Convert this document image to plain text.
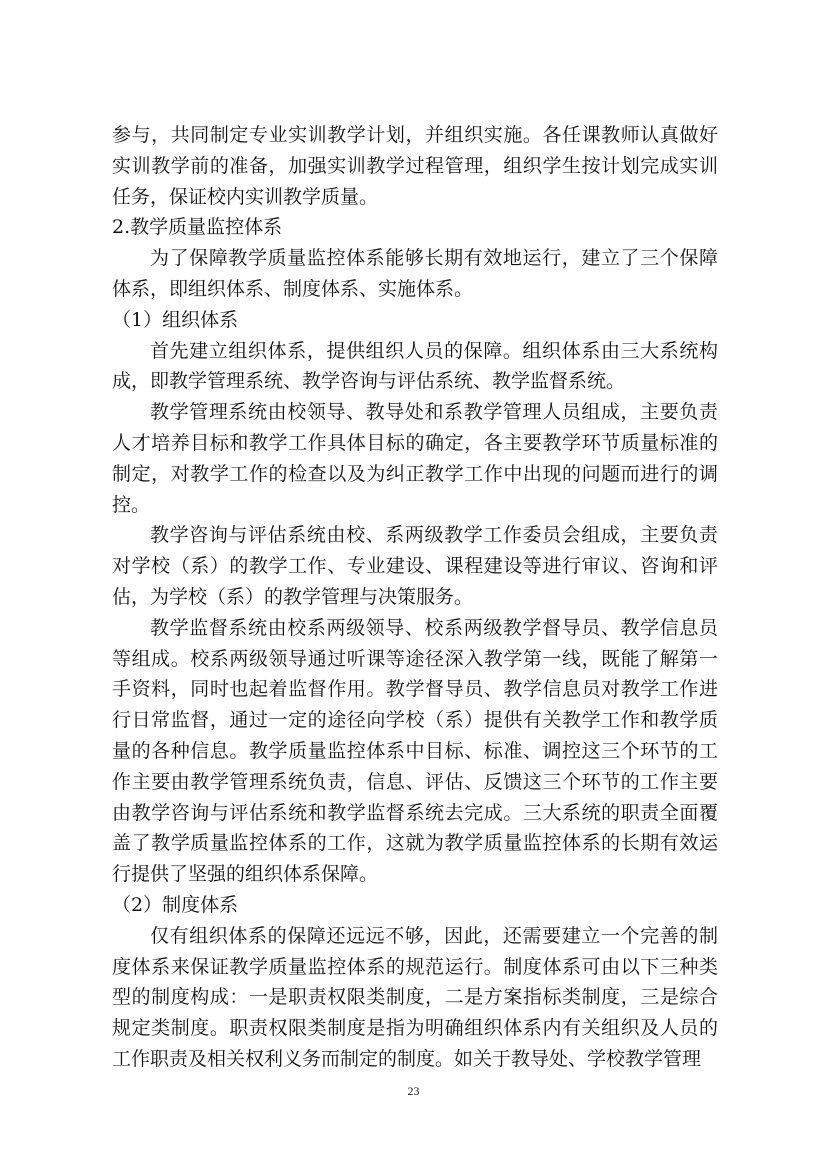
参与，共同制定专业实训教学计划，并组织实施。各任课教师认真做好实训教学前的准备，加强实训教学过程管理，组织学生按计划完成实训任务，保证校内实训教学质量。

2.教学质量监控体系

为了保障教学质量监控体系能够长期有效地运行，建立了三个保障体系，即组织体系、制度体系、实施体系。

（1）组织体系

首先建立组织体系，提供组织人员的保障。组织体系由三大系统构成，即教学管理系统、教学咨询与评估系统、教学监督系统。

教学管理系统由校领导、教导处和系教学管理人员组成，主要负责人才培养目标和教学工作具体目标的确定，各主要教学环节质量标准的制定，对教学工作的检查以及为纠正教学工作中出现的问题而进行的调控。

教学咨询与评估系统由校、系两级教学工作委员会组成，主要负责对学校（系）的教学工作、专业建设、课程建设等进行审议、咨询和评估，为学校（系）的教学管理与决策服务。

教学监督系统由校系两级领导、校系两级教学督导员、教学信息员等组成。校系两级领导通过听课等途径深入教学第一线，既能了解第一手资料，同时也起着监督作用。教学督导员、教学信息员对教学工作进行日常监督，通过一定的途径向学校（系）提供有关教学工作和教学质量的各种信息。教学质量监控体系中目标、标准、调控这三个环节的工作主要由教学管理系统负责，信息、评估、反馈这三个环节的工作主要由教学咨询与评估系统和教学监督系统去完成。三大系统的职责全面覆盖了教学质量监控体系的工作，这就为教学质量监控体系的长期有效运行提供了坚强的组织体系保障。

（2）制度体系

仅有组织体系的保障还远远不够，因此，还需要建立一个完善的制度体系来保证教学质量监控体系的规范运行。制度体系可由以下三种类型的制度构成：一是职责权限类制度，二是方案指标类制度，三是综合规定类制度。职责权限类制度是指为明确组织体系内有关组织及人员的工作职责及相关权利义务而制定的制度。如关于教导处、学校教学管理

23
